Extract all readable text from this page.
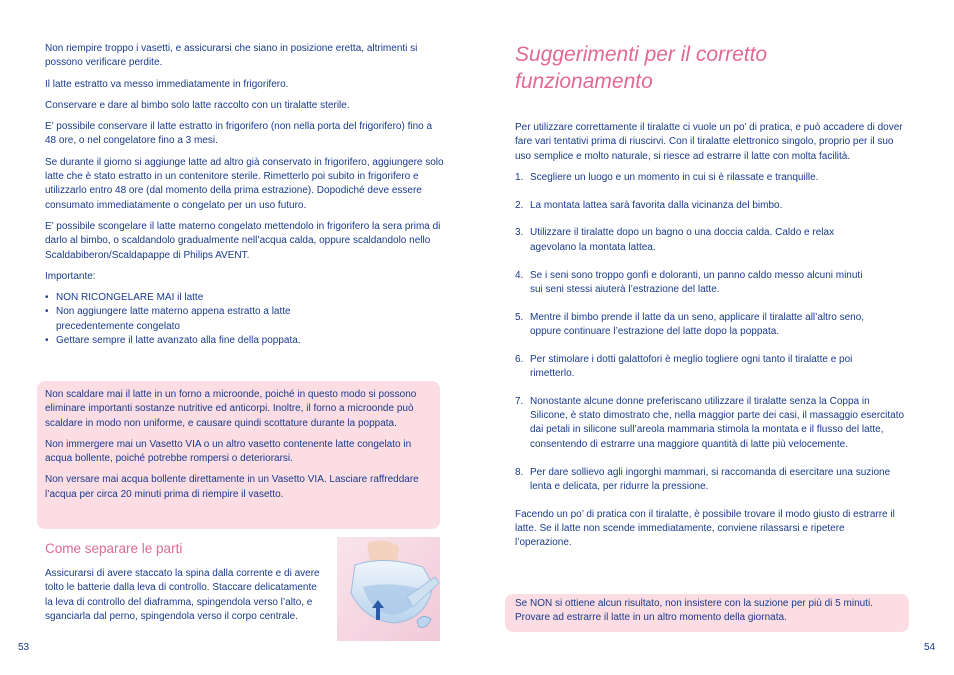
Non riempire troppo i vasetti, e assicurarsi che siano in posizione eretta, altrimenti si possono verificare perdite.

Il latte estratto va messo immediatamente in frigorifero.

Conservare e dare al bimbo solo latte raccolto con un tiralatte sterile.

E’ possibile conservare il latte estratto in frigorifero (non nella porta del frigorifero) fino a 48 ore, o nel congelatore fino a 3 mesi.

Se durante il giorno si aggiunge latte ad altro già conservato in frigorifero, aggiungere solo latte che è stato estratto in un contenitore sterile. Rimetterlo poi subito in frigorifero e utilizzarlo entro 48 ore (dal momento della prima estrazione). Dopodiché deve essere consumato immediatamente o congelato per un uso futuro.

E’ possibile scongelare il latte materno congelato mettendolo in frigorifero la sera prima di darlo al bimbo, o scaldandolo gradualmente nell’acqua calda, oppure scaldandolo nello Scaldabiberon/Scaldapappe di Philips AVENT.

Importante:

• NON RICONGELARE MAI il latte
• Non aggiungere latte materno appena estratto a latte precedentemente congelato
• Gettare sempre il latte avanzato alla fine della poppata.

Non scaldare mai il latte in un forno a microonde, poiché in questo modo si possono eliminare importanti sostanze nutritive ed anticorpi. Inoltre, il forno a microonde può scaldare in modo non uniforme, e causare quindi scottature durante la poppata.

Non immergere mai un Vasetto VIA o un altro vasetto contenente latte congelato in acqua bollente, poiché potrebbe rompersi o deteriorarsi.

Non versare mai acqua bollente direttamente in un Vasetto VIA. Lasciare raffreddare l’acqua per circa 20 minuti prima di riempire il vasetto.

Come separare le parti

Assicurarsi di avere staccato la spina dalla corrente e di avere tolto le batterie dalla leva di controllo. Staccare delicatamente la leva di controllo del diaframma, spingendola verso l’alto, e sganciarla dal perno, spingendola verso il corpo centrale.

53
Suggerimenti per il corretto funzionamento

Per utilizzare correttamente il tiralatte ci vuole un po’ di pratica, e può accadere di dover fare vari tentativi prima di riuscirvi. Con il tiralatte elettronico singolo, proprio per il suo uso semplice e molto naturale, si riesce ad estrarre il latte con molta facilità.

1. Scegliere un luogo e un momento in cui si è rilassate e tranquille.
2. La montata lattea sarà favorita dalla vicinanza del bimbo.
3. Utilizzare il tiralatte dopo un bagno o una doccia calda. Caldo e relax agevolano la montata lattea.
4. Se i seni sono troppo gonfi e doloranti, un panno caldo messo alcuni minuti sui seni stessi aiuterà l’estrazione del latte.
5. Mentre il bimbo prende il latte da un seno, applicare il tiralatte all’altro seno, oppure continuare l’estrazione del latte dopo la poppata.
6. Per stimolare i dotti galattofori è meglio togliere ogni tanto il tiralatte e poi rimetterlo.
7. Nonostante alcune donne preferiscano utilizzare il tiralatte senza la Coppa in Silicone, è stato dimostrato che, nella maggior parte dei casi, il massaggio esercitato dai petali in silicone sull’areola mammaria stimola la montata e il flusso del latte, consentendo di estrarre una maggiore quantità di latte più velocemente.
8. Per dare sollievo agli ingorghi mammari, si raccomanda di esercitare una suzione lenta e delicata, per ridurre la pressione.

Facendo un po’ di pratica con il tiralatte, è possibile trovare il modo giusto di estrarre il latte. Se il latte non scende immediatamente, conviene rilassarsi e ripetere l’operazione.

Se NON si ottiene alcun risultato, non insistere con la suzione per più di 5 minuti. Provare ad estrarre il latte in un altro momento della giornata.

54
